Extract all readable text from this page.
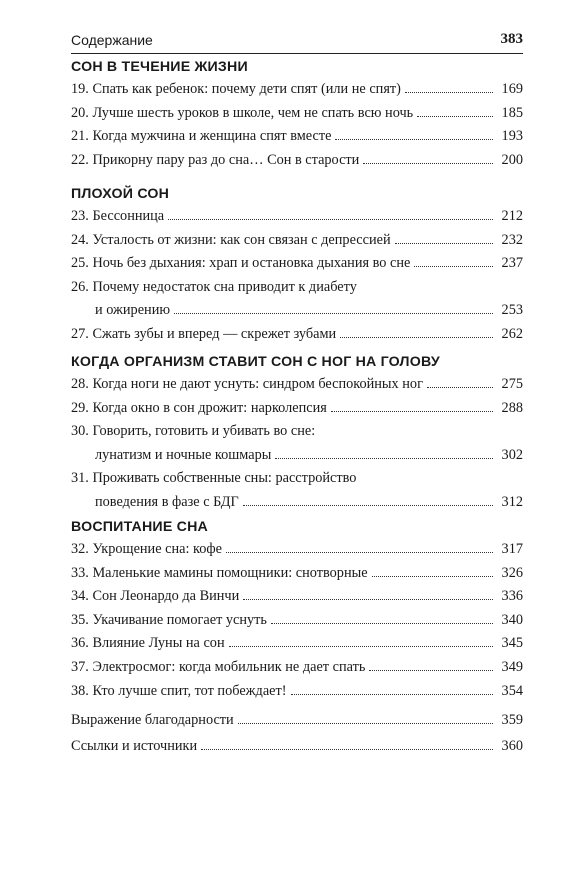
Содержание	383
СОН В ТЕЧЕНИЕ ЖИЗНИ
19. Спать как ребенок: почему дети спят (или не спят)	169
20. Лучше шесть уроков в школе, чем не спать всю ночь	185
21. Когда мужчина и женщина спят вместе	193
22. Прикорну пару раз до сна… Сон в старости	200
ПЛОХОЙ СОН
23. Бессонница	212
24. Усталость от жизни: как сон связан с депрессией	232
25. Ночь без дыхания: храп и остановка дыхания во сне	237
26. Почему недостаток сна приводит к диабету
и ожирению	253
27. Сжать зубы и вперед — скрежет зубами	262
КОГДА ОРГАНИЗМ СТАВИТ СОН С НОГ НА ГОЛОВУ
28. Когда ноги не дают уснуть: синдром беспокойных ног	275
29. Когда окно в сон дрожит: нарколепсия	288
30. Говорить, готовить и убивать во сне:
лунатизм и ночные кошмары	302
31. Проживать собственные сны: расстройство
поведения в фазе с БДГ	312
ВОСПИТАНИЕ СНА
32. Укрощение сна: кофе	317
33. Маленькие мамины помощники: снотворные	326
34. Сон Леонардо да Винчи	336
35. Укачивание помогает уснуть	340
36. Влияние Луны на сон	345
37. Электросмог: когда мобильник не дает спать	349
38. Кто лучше спит, тот побеждает!	354
Выражение благодарности	359
Ссылки и источники	360
